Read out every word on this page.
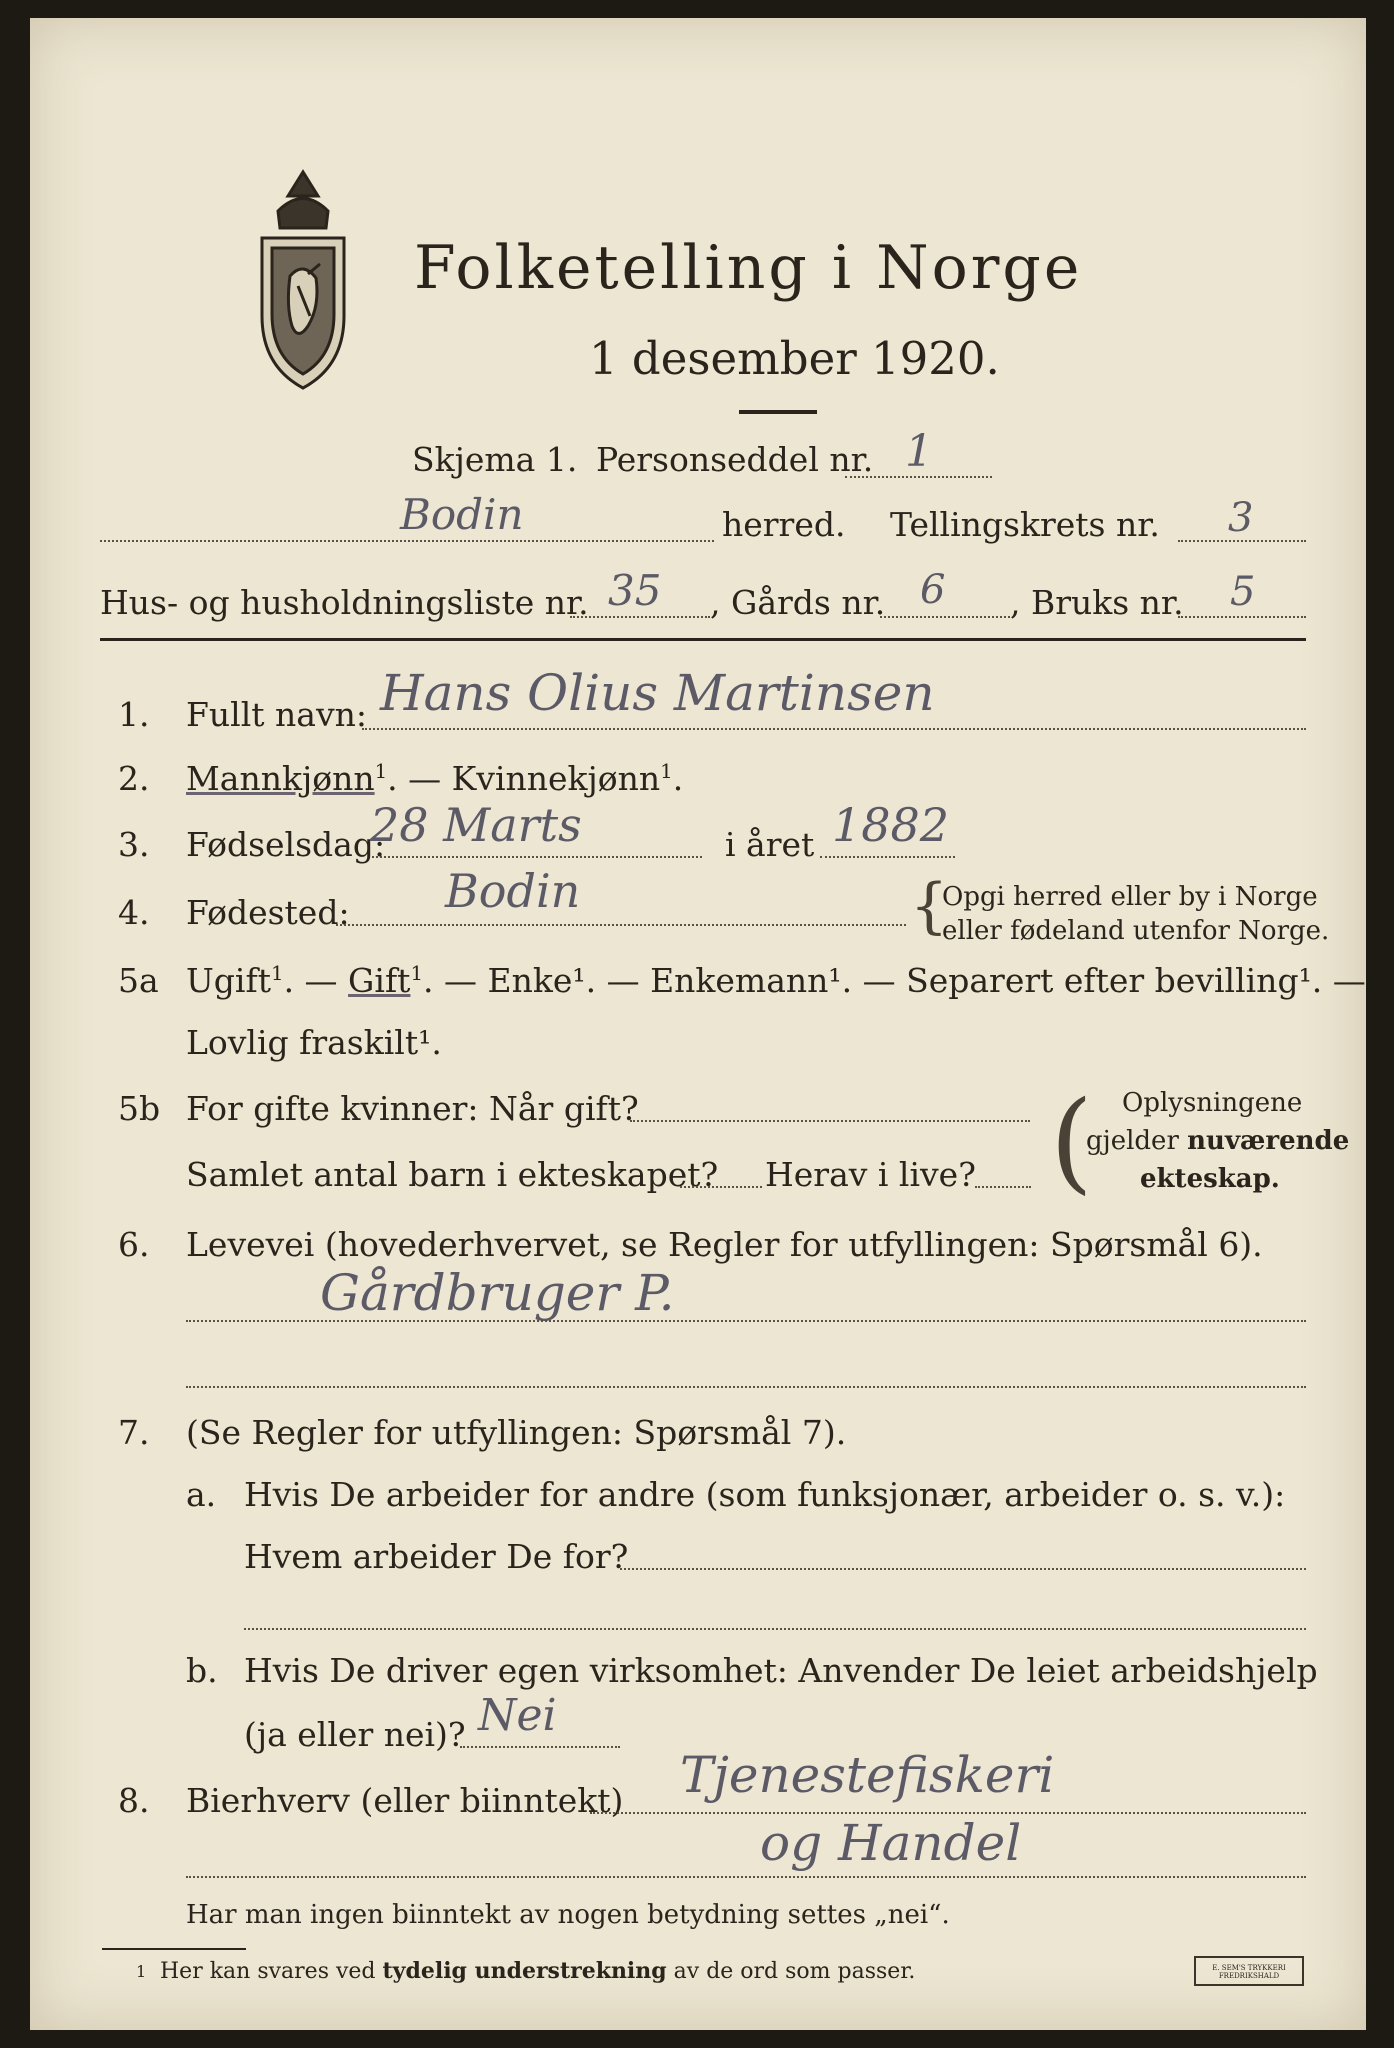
Folketelling i Norge
1 desember 1920.
Skjema 1. Personseddel nr. 1
Bodin	herred. Tellingskrets nr. 3
Hus- og husholdningsliste nr. 35 , Gårds nr. 6 , Bruks nr. 5
1. Fullt navn: Hans Olius Martinsen
2. Mannkjønn$^1$. — Kvinnekjønn$^1$.
3. Fødselsdag:
28 Marts	i året 1882
4. Fødested: Bodin	{
Opgi herred eller by i Norge
eller fødeland utenfor Norge.
5a Ugift$^1$. — Gift$^1$. — Enke¹. — Enkemann¹. — Separert efter bevilling¹. —
Lovlig fraskilt¹.
5b For gifte kvinner: Når gift?
Samlet antal barn i ekteskapet? Herav i live? ( Oplysningene
gjelder nuværende
ekteskap.
6. Levevei (hovederhvervet, se Regler for utfyllingen: Spørsmål 6).
Gårdbruger P.
7. (Se Regler for utfyllingen: Spørsmål 7).
a. Hvis De arbeider for andre (som funksjonær, arbeider o. s. v.):
Hvem arbeider De for?
b. Hvis De driver egen virksomhet: Anvender De leiet arbeidshjelp
(ja eller nei)? Nei
8. Bierhverv (eller biinntekt) Tjenestefiskeri
og Handel
Har man ingen biinntekt av nogen betydning settes „nei“.
1 Her kan svares ved tydelig understrekning av de ord som passer.	E. SEM'S TRYKKERI FREDRIKSHALD
